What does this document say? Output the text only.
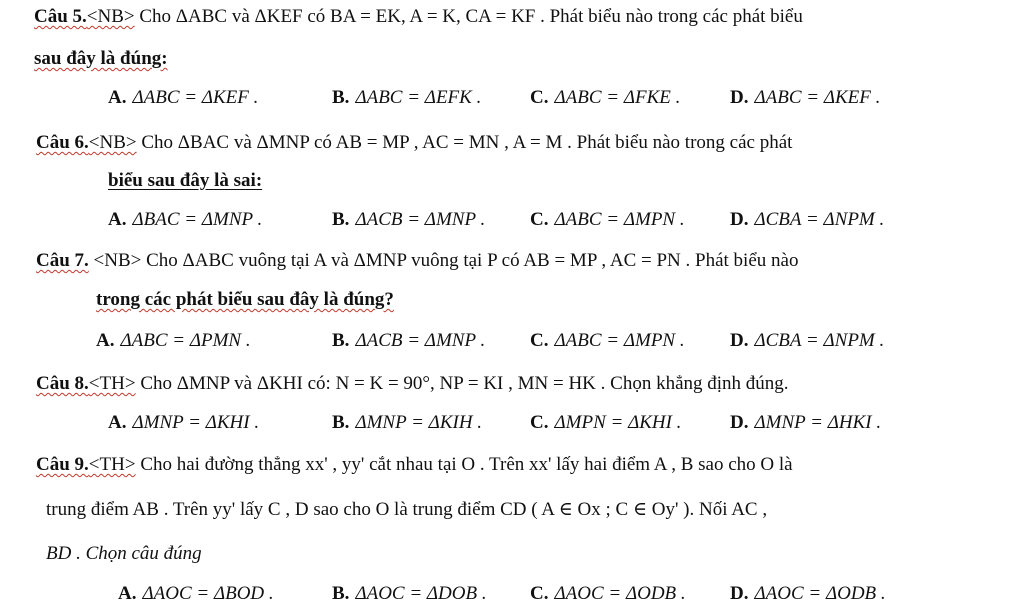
Câu 5.<NB> Cho ΔABC và ΔKEF có BA = EK, A = K, CA = KF . Phát biểu nào trong các phát biểu
sau đây là đúng:
A. ΔABC = ΔKEF .	B. ΔABC = ΔEFK .	C. ΔABC = ΔFKE .	D. ΔABC = ΔKEF .
Câu 6.<NB> Cho ΔBAC và ΔMNP có AB = MP , AC = MN , A = M . Phát biểu nào trong các phát
biểu sau đây là sai:
A. ΔBAC = ΔMNP .	B. ΔACB = ΔMNP . C. ΔABC = ΔMPN . D. ΔCBA = ΔNPM .
Câu 7. <NB> Cho ΔABC vuông tại A và ΔMNP vuông tại P có AB = MP , AC = PN . Phát biểu nào
trong các phát biểu sau đây là đúng?
A. ΔABC = ΔPMN .	B. ΔACB = ΔMNP . C. ΔABC = ΔMPN . D. ΔCBA = ΔNPM .
Câu 8.<TH> Cho ΔMNP và ΔKHI có: N = K = 90°, NP = KI , MN = HK . Chọn khẳng định đúng.
A. ΔMNP = ΔKHI .	B. ΔMNP = ΔKIH .	C. ΔMPN = ΔKHI .	D. ΔMNP = ΔHKI .
Câu 9.<TH> Cho hai đường thẳng xx' , yy' cắt nhau tại O . Trên xx' lấy hai điểm A , B sao cho O là
trung điểm AB . Trên yy' lấy C , D sao cho O là trung điểm CD ( A ∈ Ox ; C ∈ Oy' ). Nối AC ,
BD . Chọn câu đúng
A. ΔAOC = ΔBOD .	B. ΔAOC = ΔDOB . C. ΔAOC = ΔODB . D. ΔAOC = ΔODB .
